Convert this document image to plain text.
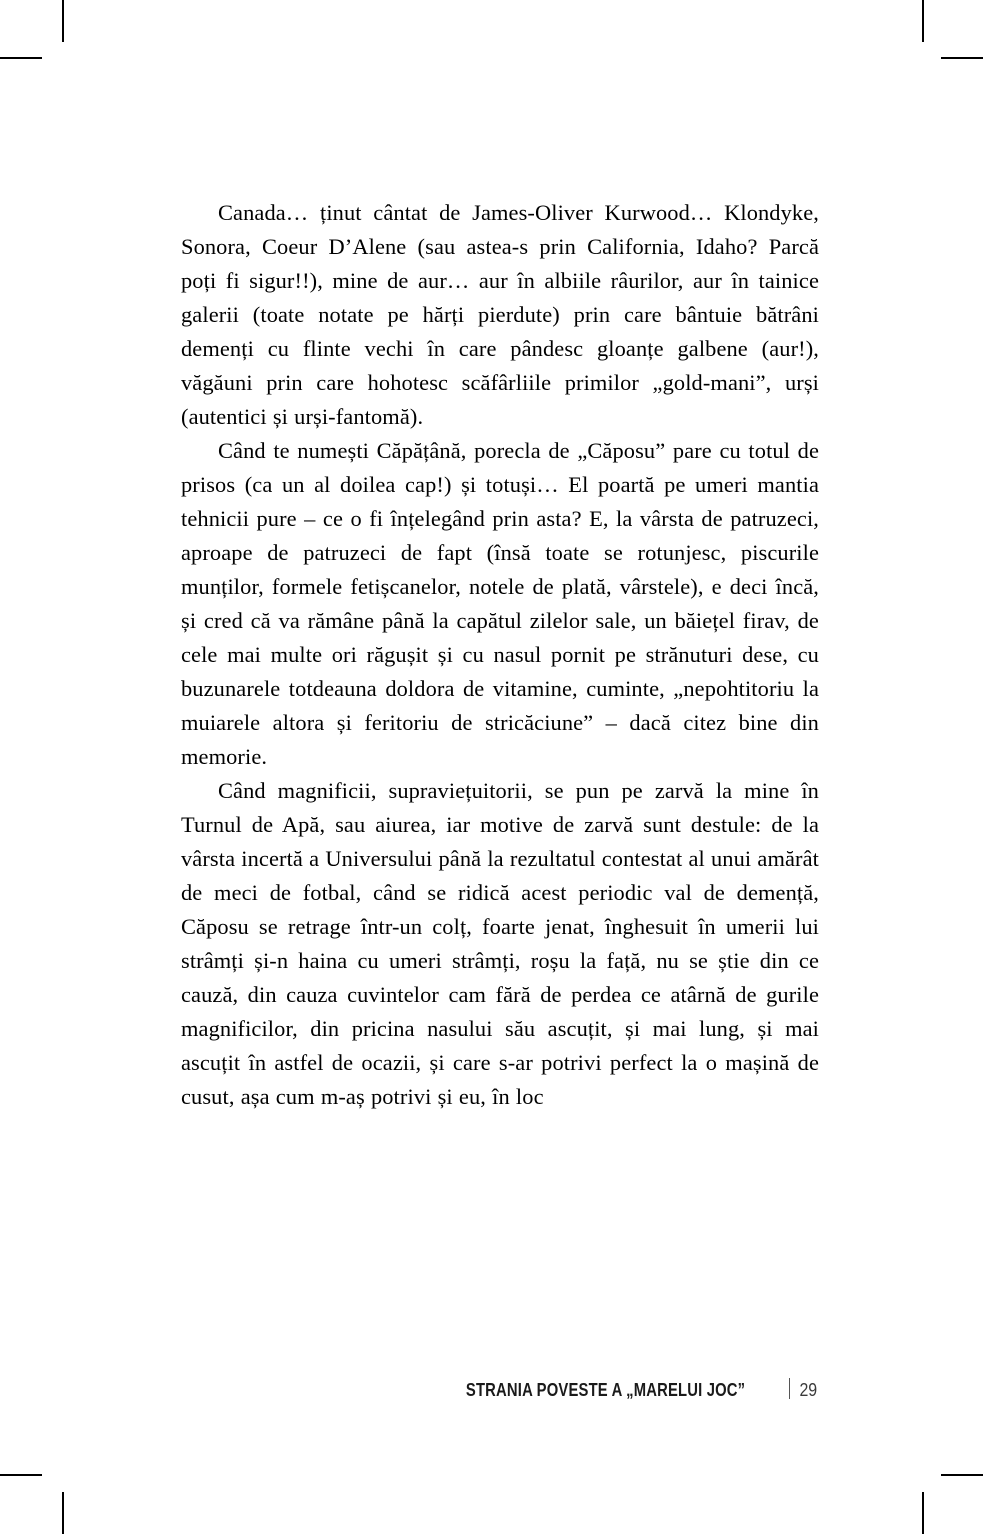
Canada… ținut cântat de James-Oliver Kurwood… Klondyke, Sonora, Coeur D’Alene (sau astea-s prin California, Idaho? Parcă poți fi sigur!!), mine de aur… aur în albiile râurilor, aur în tainice galerii (toate notate pe hărți pierdute) prin care bântuie bătrâni demenți cu flinte vechi în care pândesc gloanțe galbene (aur!), văgăuni prin care hohotesc scăfârliile primilor „gold-mani”, urși (autentici și urși-fantomă).

Când te numești Căpățână, porecla de „Căposu” pare cu totul de prisos (ca un al doilea cap!) și totuși… El poartă pe umeri mantia tehnicii pure – ce o fi înțelegând prin asta? E, la vârsta de patruzeci, aproape de patruzeci de fapt (însă toate se rotunjesc, piscurile munților, formele fetișcanelor, notele de plată, vârstele), e deci încă, și cred că va rămâne până la capătul zilelor sale, un băiețel firav, de cele mai multe ori răgușit și cu nasul pornit pe strănuturi dese, cu buzunarele totdeauna doldora de vitamine, cuminte, „nepohtitoriu la muiarele altora și feritoriu de stricăciune” – dacă citez bine din memorie.

Când magnificii, supraviețuitorii, se pun pe zarvă la mine în Turnul de Apă, sau aiurea, iar motive de zarvă sunt destule: de la vârsta incertă a Universului până la rezultatul contestat al unui amărât de meci de fotbal, când se ridică acest periodic val de demență, Căposu se retrage într-un colț, foarte jenat, înghesuit în umerii lui strâmți și-n haina cu umeri strâmți, roșu la față, nu se știe din ce cauză, din cauza cuvintelor cam fără de perdea ce atârnă de gurile magnificilor, din pricina nasului său ascuțit, și mai lung, și mai ascuțit în astfel de ocazii, și care s-ar potrivi perfect la o mașină de cusut, așa cum m-aș potrivi și eu, în loc

STRANIA POVESTE A „MARELUI JOC”	29
